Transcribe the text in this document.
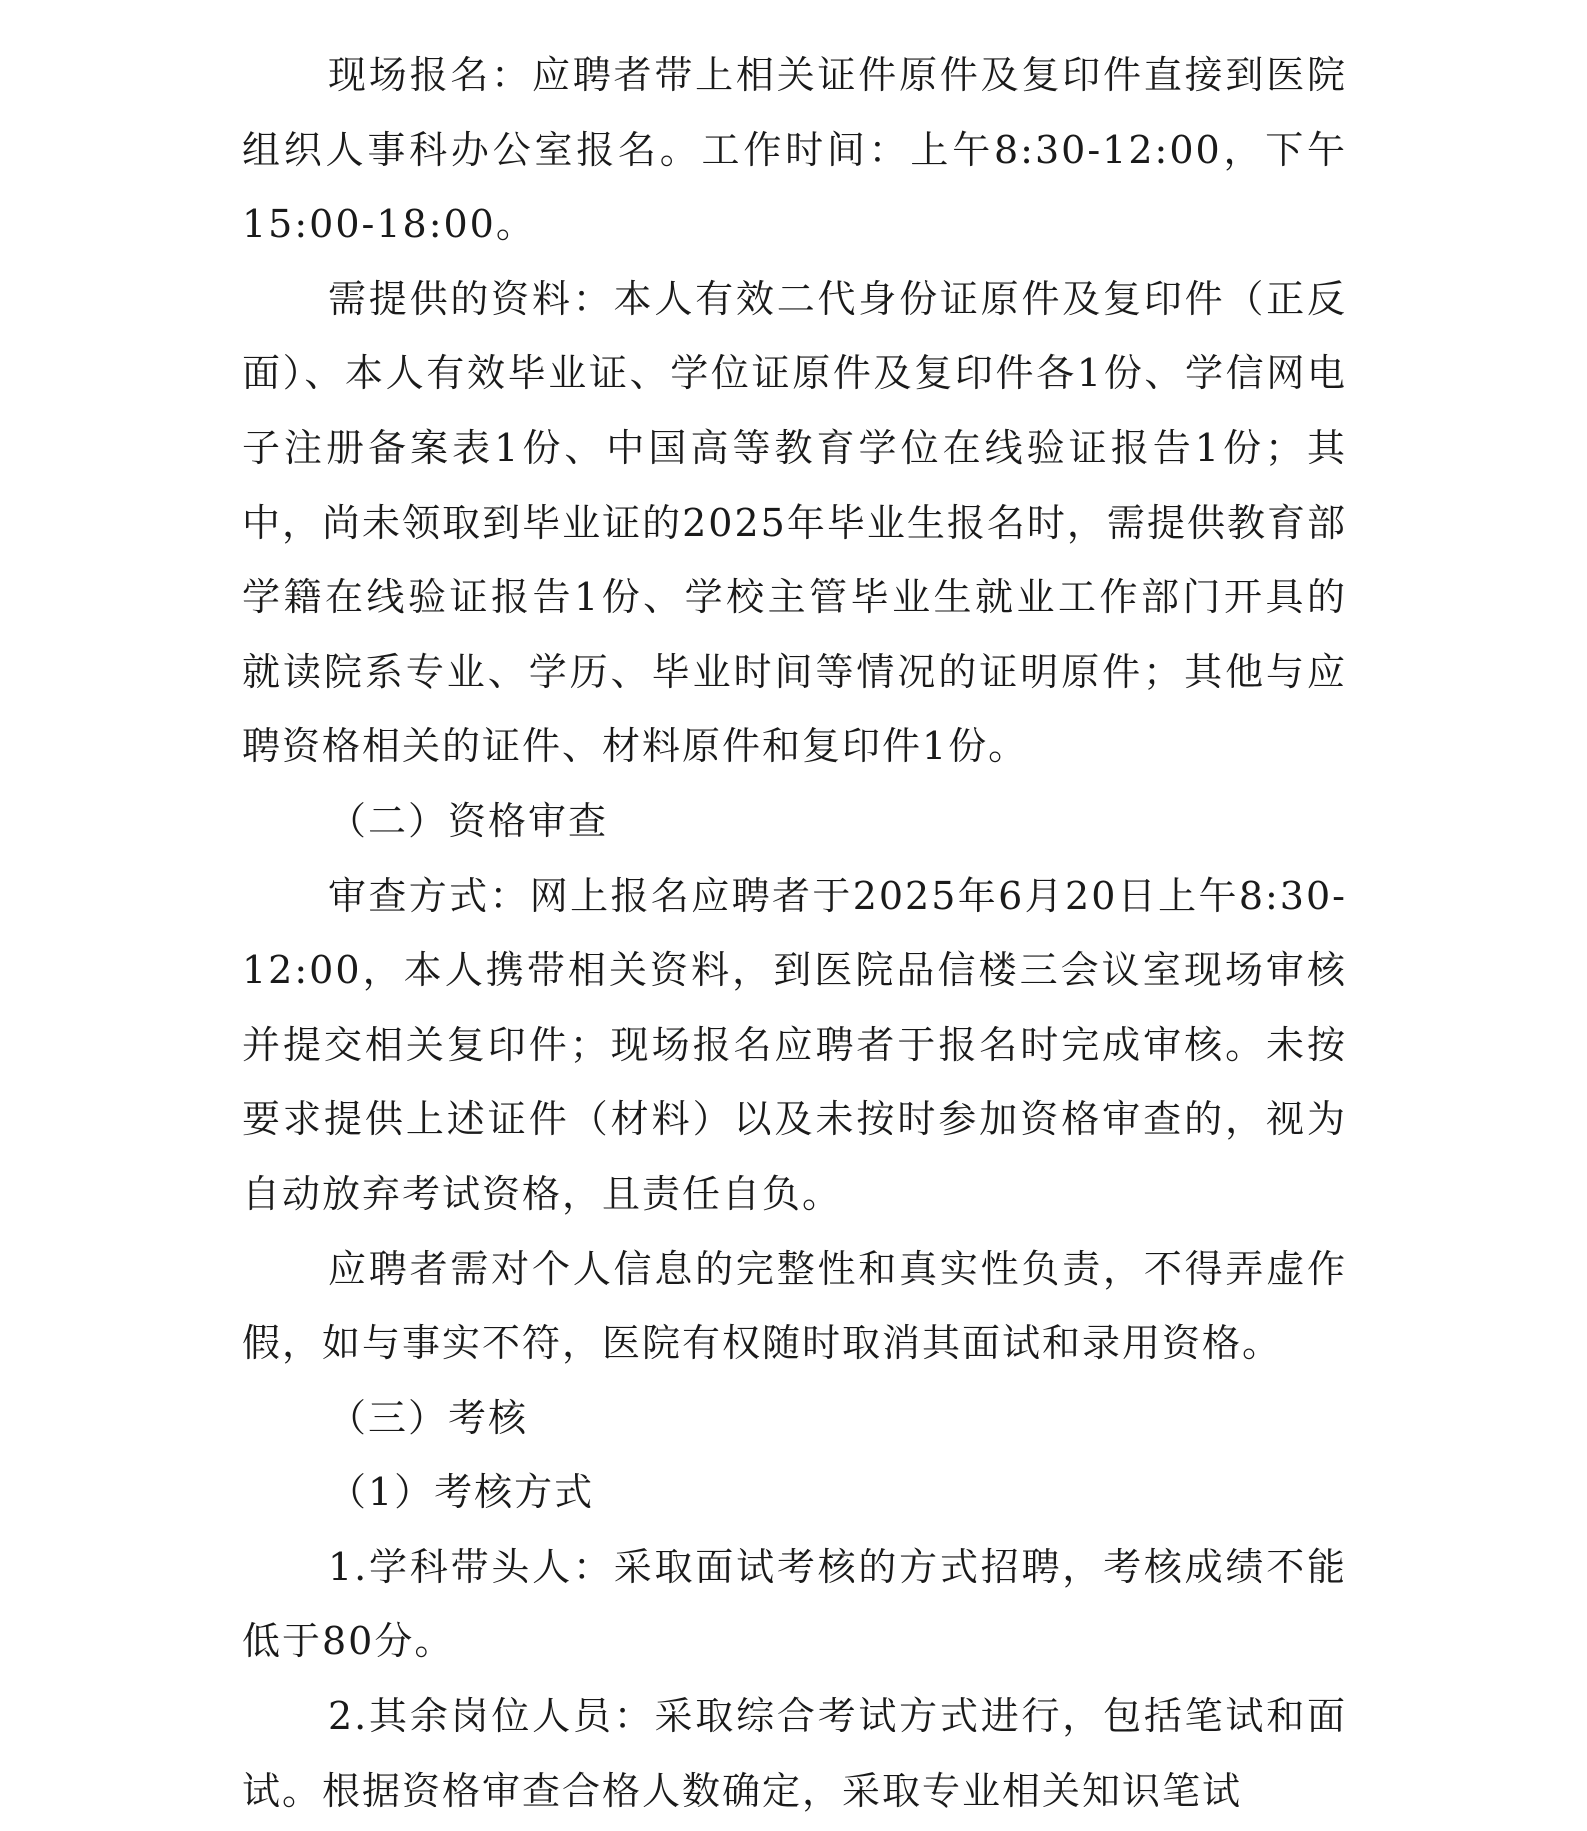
现场报名：应聘者带上相关证件原件及复印件直接到医院组织人事科办公室报名。工作时间：上午8:30-12:00，下午15:00-18:00。

需提供的资料：本人有效二代身份证原件及复印件（正反面）、本人有效毕业证、学位证原件及复印件各1份、学信网电子注册备案表1份、中国高等教育学位在线验证报告1份；其中，尚未领取到毕业证的2025年毕业生报名时，需提供教育部学籍在线验证报告1份、学校主管毕业生就业工作部门开具的就读院系专业、学历、毕业时间等情况的证明原件；其他与应聘资格相关的证件、材料原件和复印件1份。

（二）资格审查

审查方式：网上报名应聘者于2025年6月20日上午8:30-12:00，本人携带相关资料，到医院品信楼三会议室现场审核并提交相关复印件；现场报名应聘者于报名时完成审核。未按要求提供上述证件（材料）以及未按时参加资格审查的，视为自动放弃考试资格，且责任自负。

应聘者需对个人信息的完整性和真实性负责，不得弄虚作假，如与事实不符，医院有权随时取消其面试和录用资格。

（三）考核

（1）考核方式

1.学科带头人：采取面试考核的方式招聘，考核成绩不能低于80分。

2.其余岗位人员：采取综合考试方式进行，包括笔试和面试。根据资格审查合格人数确定，采取专业相关知识笔试
